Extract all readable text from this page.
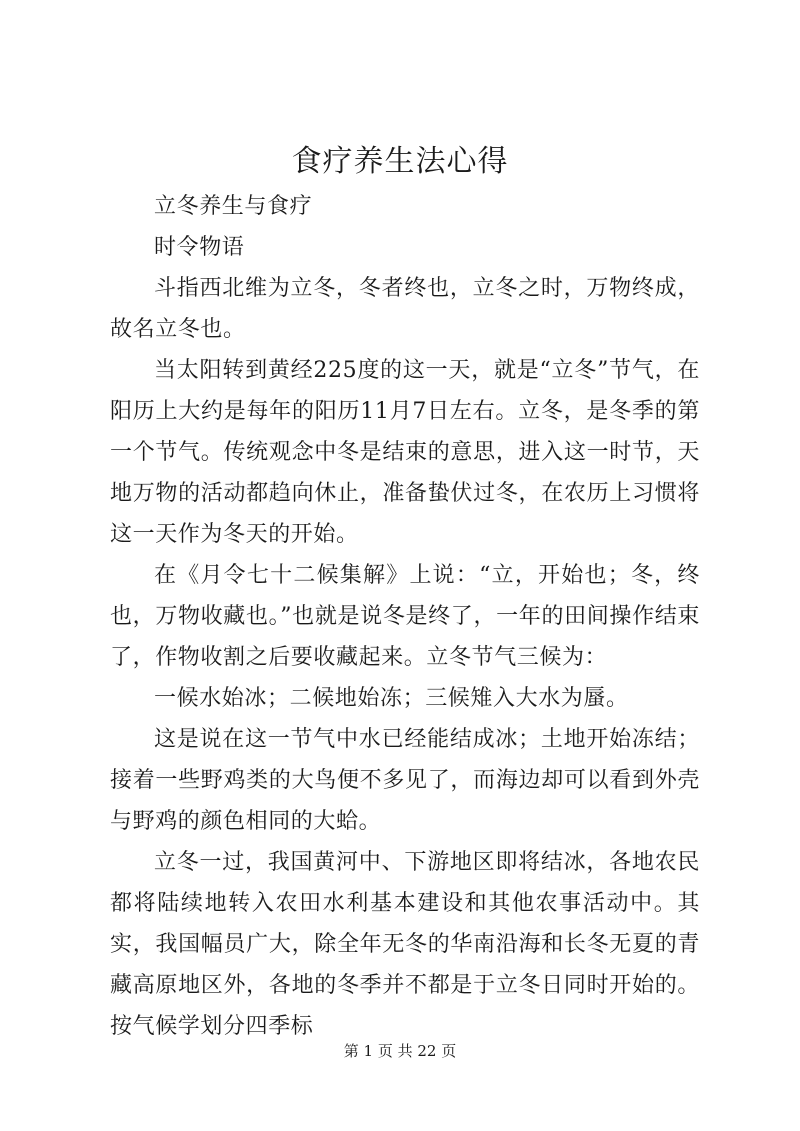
食疗养生法心得

立冬养生与食疗

时令物语

斗指西北维为立冬，冬者终也，立冬之时，万物终成，故名立冬也。

当太阳转到黄经225度的这一天，就是“立冬”节气，在阳历上大约是每年的阳历11月7日左右。立冬，是冬季的第一个节气。传统观念中冬是结束的意思，进入这一时节，天地万物的活动都趋向休止，准备蛰伏过冬，在农历上习惯将这一天作为冬天的开始。

在《月令七十二候集解》上说：“立，开始也；冬，终也，万物收藏也。”也就是说冬是终了，一年的田间操作结束了，作物收割之后要收藏起来。立冬节气三候为：

一候水始冰；二候地始冻；三候雉入大水为蜃。

这是说在这一节气中水已经能结成冰；土地开始冻结；接着一些野鸡类的大鸟便不多见了，而海边却可以看到外壳与野鸡的颜色相同的大蛤。

立冬一过，我国黄河中、下游地区即将结冰，各地农民都将陆续地转入农田水利基本建设和其他农事活动中。其实，我国幅员广大，除全年无冬的华南沿海和长冬无夏的青藏高原地区外，各地的冬季并不都是于立冬日同时开始的。按气候学划分四季标

第 1 页 共 22 页
